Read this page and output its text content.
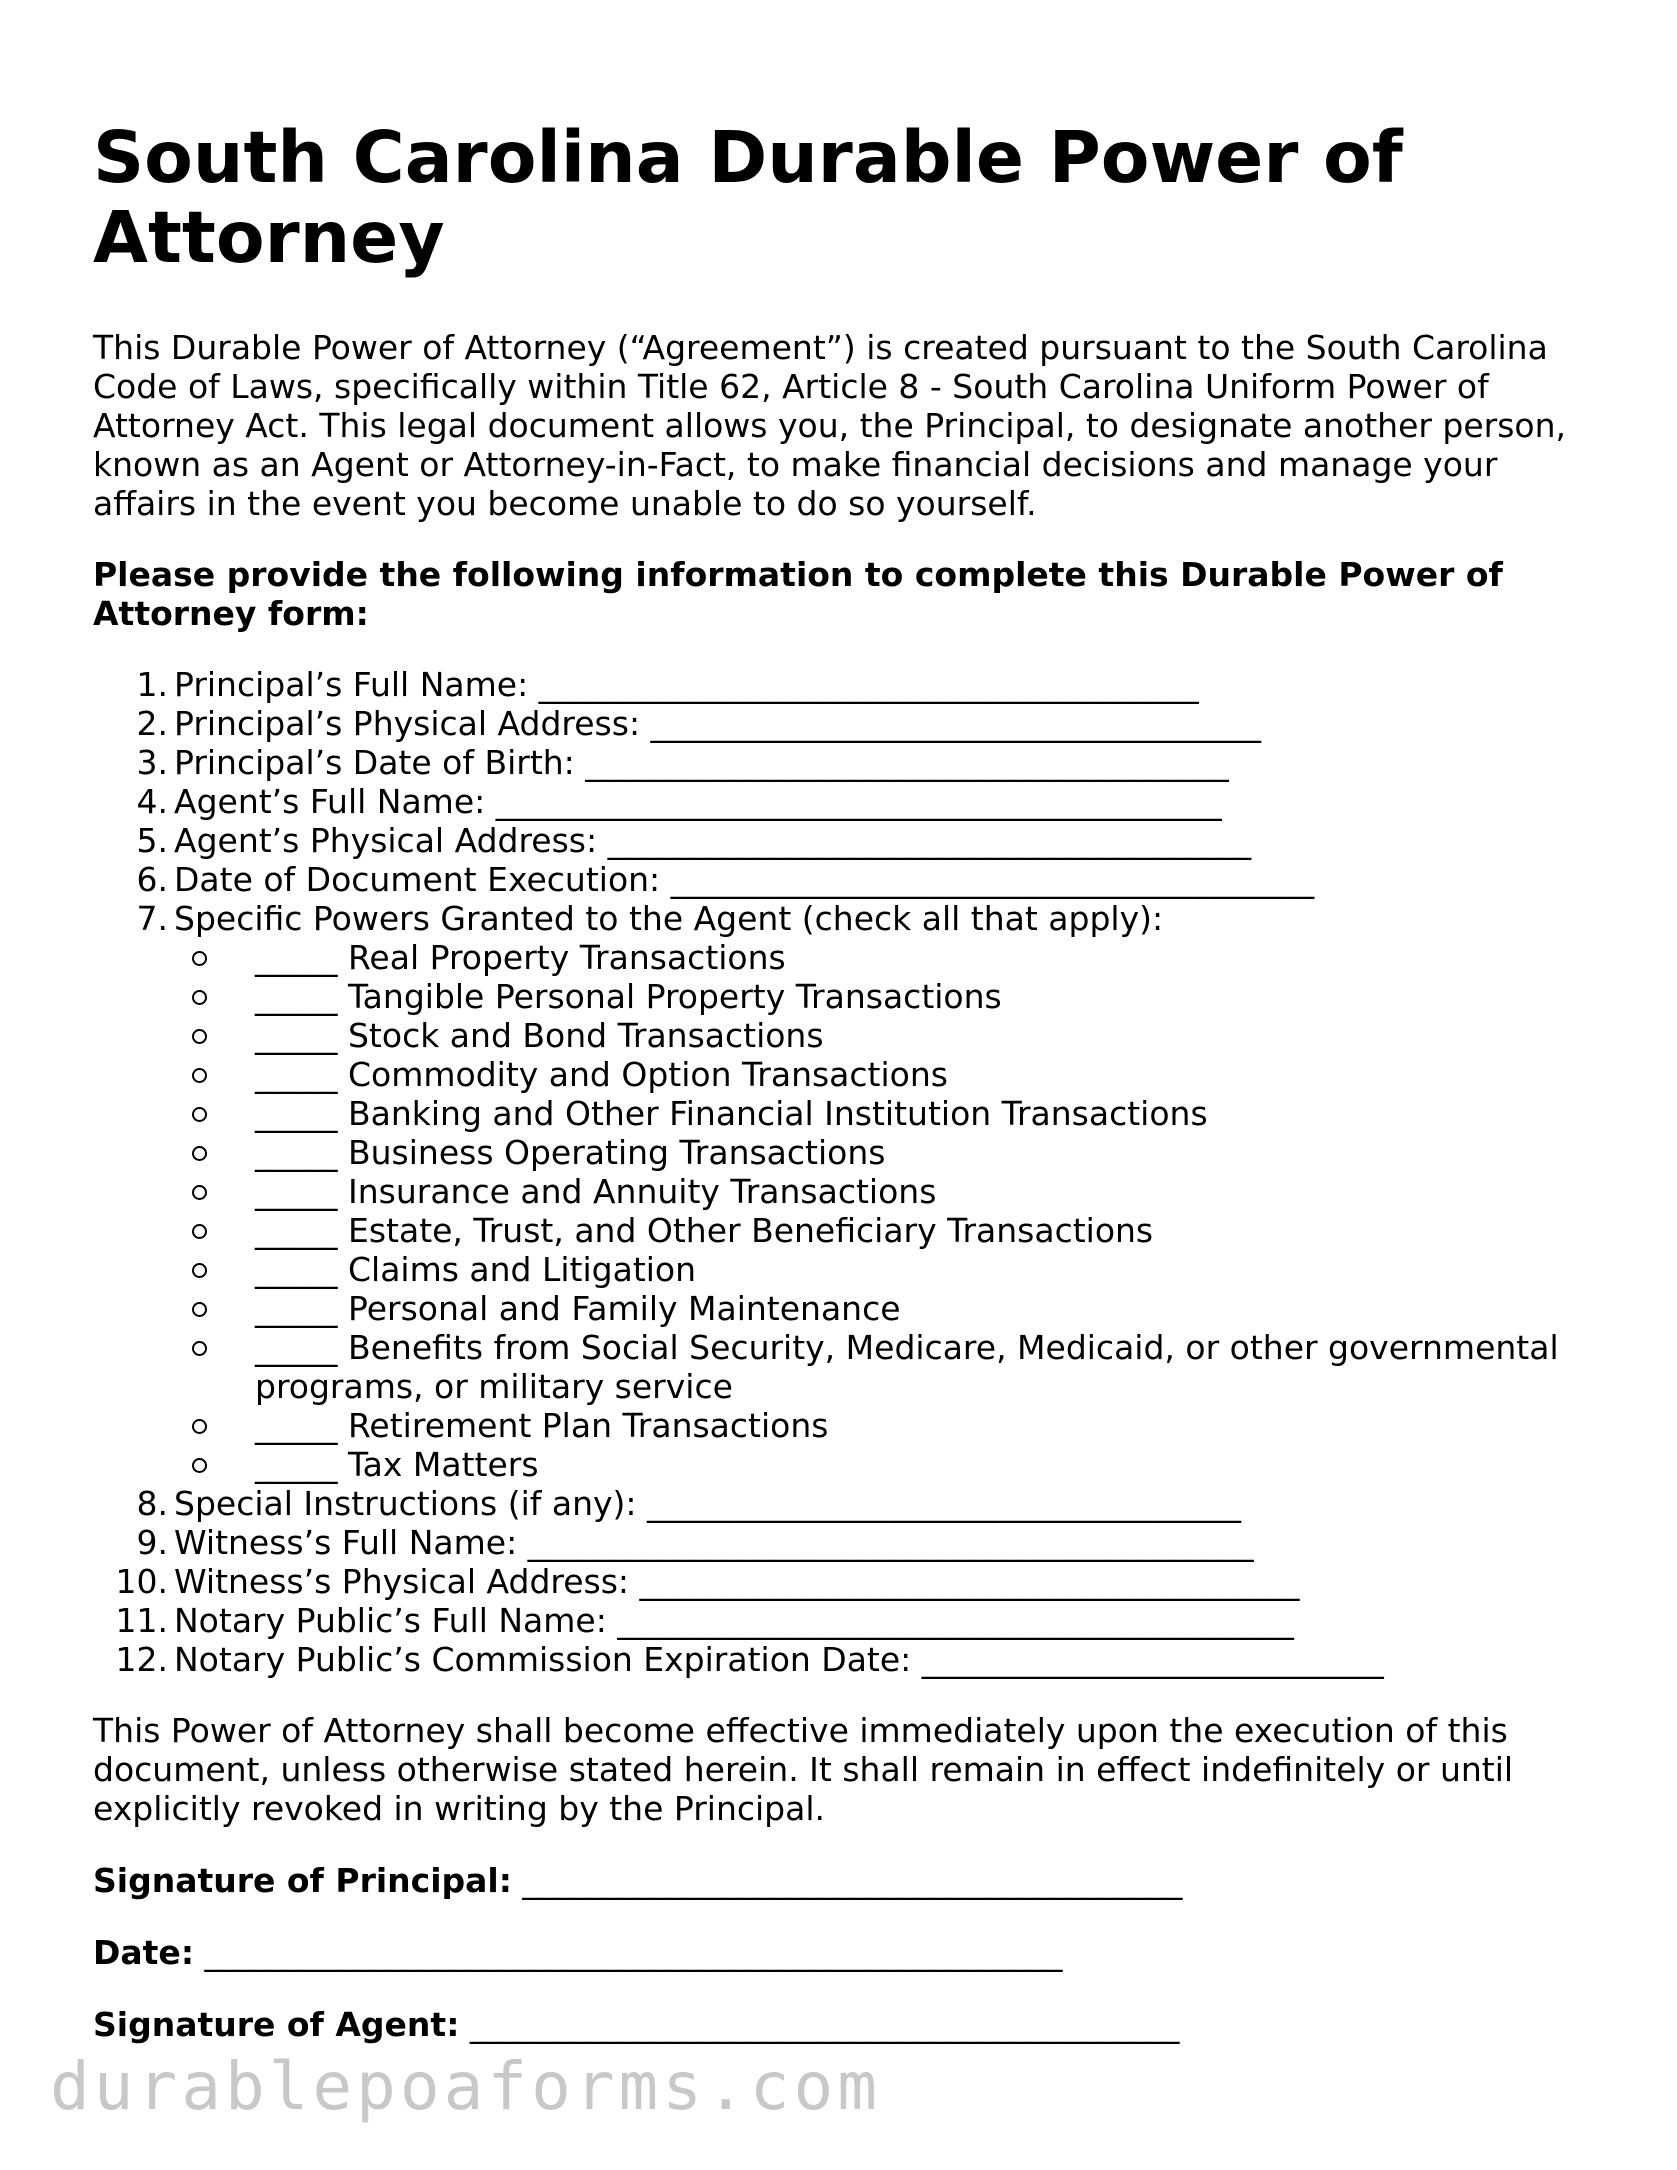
South Carolina Durable Power of Attorney

This Durable Power of Attorney (“Agreement”) is created pursuant to the South Carolina Code of Laws, specifically within Title 62, Article 8 - South Carolina Uniform Power of Attorney Act. This legal document allows you, the Principal, to designate another person, known as an Agent or Attorney-in-Fact, to make financial decisions and manage your affairs in the event you become unable to do so yourself.

Please provide the following information to complete this Durable Power of Attorney form:

1. Principal’s Full Name: ________________________________________
2. Principal’s Physical Address: _____________________________________
3. Principal’s Date of Birth: _______________________________________
4. Agent’s Full Name: ____________________________________________
5. Agent’s Physical Address: _______________________________________
6. Date of Document Execution: _______________________________________
7. Specific Powers Granted to the Agent (check all that apply):
_____ Real Property Transactions
_____ Tangible Personal Property Transactions
_____ Stock and Bond Transactions
_____ Commodity and Option Transactions
_____ Banking and Other Financial Institution Transactions
_____ Business Operating Transactions
_____ Insurance and Annuity Transactions
_____ Estate, Trust, and Other Beneficiary Transactions
_____ Claims and Litigation
_____ Personal and Family Maintenance
_____ Benefits from Social Security, Medicare, Medicaid, or other governmental programs, or military service
_____ Retirement Plan Transactions
_____ Tax Matters
8. Special Instructions (if any): ____________________________________
9. Witness’s Full Name: ____________________________________________
10. Witness’s Physical Address: ________________________________________
11. Notary Public’s Full Name: _________________________________________
12. Notary Public’s Commission Expiration Date: ____________________________

This Power of Attorney shall become effective immediately upon the execution of this document, unless otherwise stated herein. It shall remain in effect indefinitely or until explicitly revoked in writing by the Principal.

Signature of Principal: ________________________________________

Date: ____________________________________________________

Signature of Agent: ___________________________________________

durablepoaforms.com
